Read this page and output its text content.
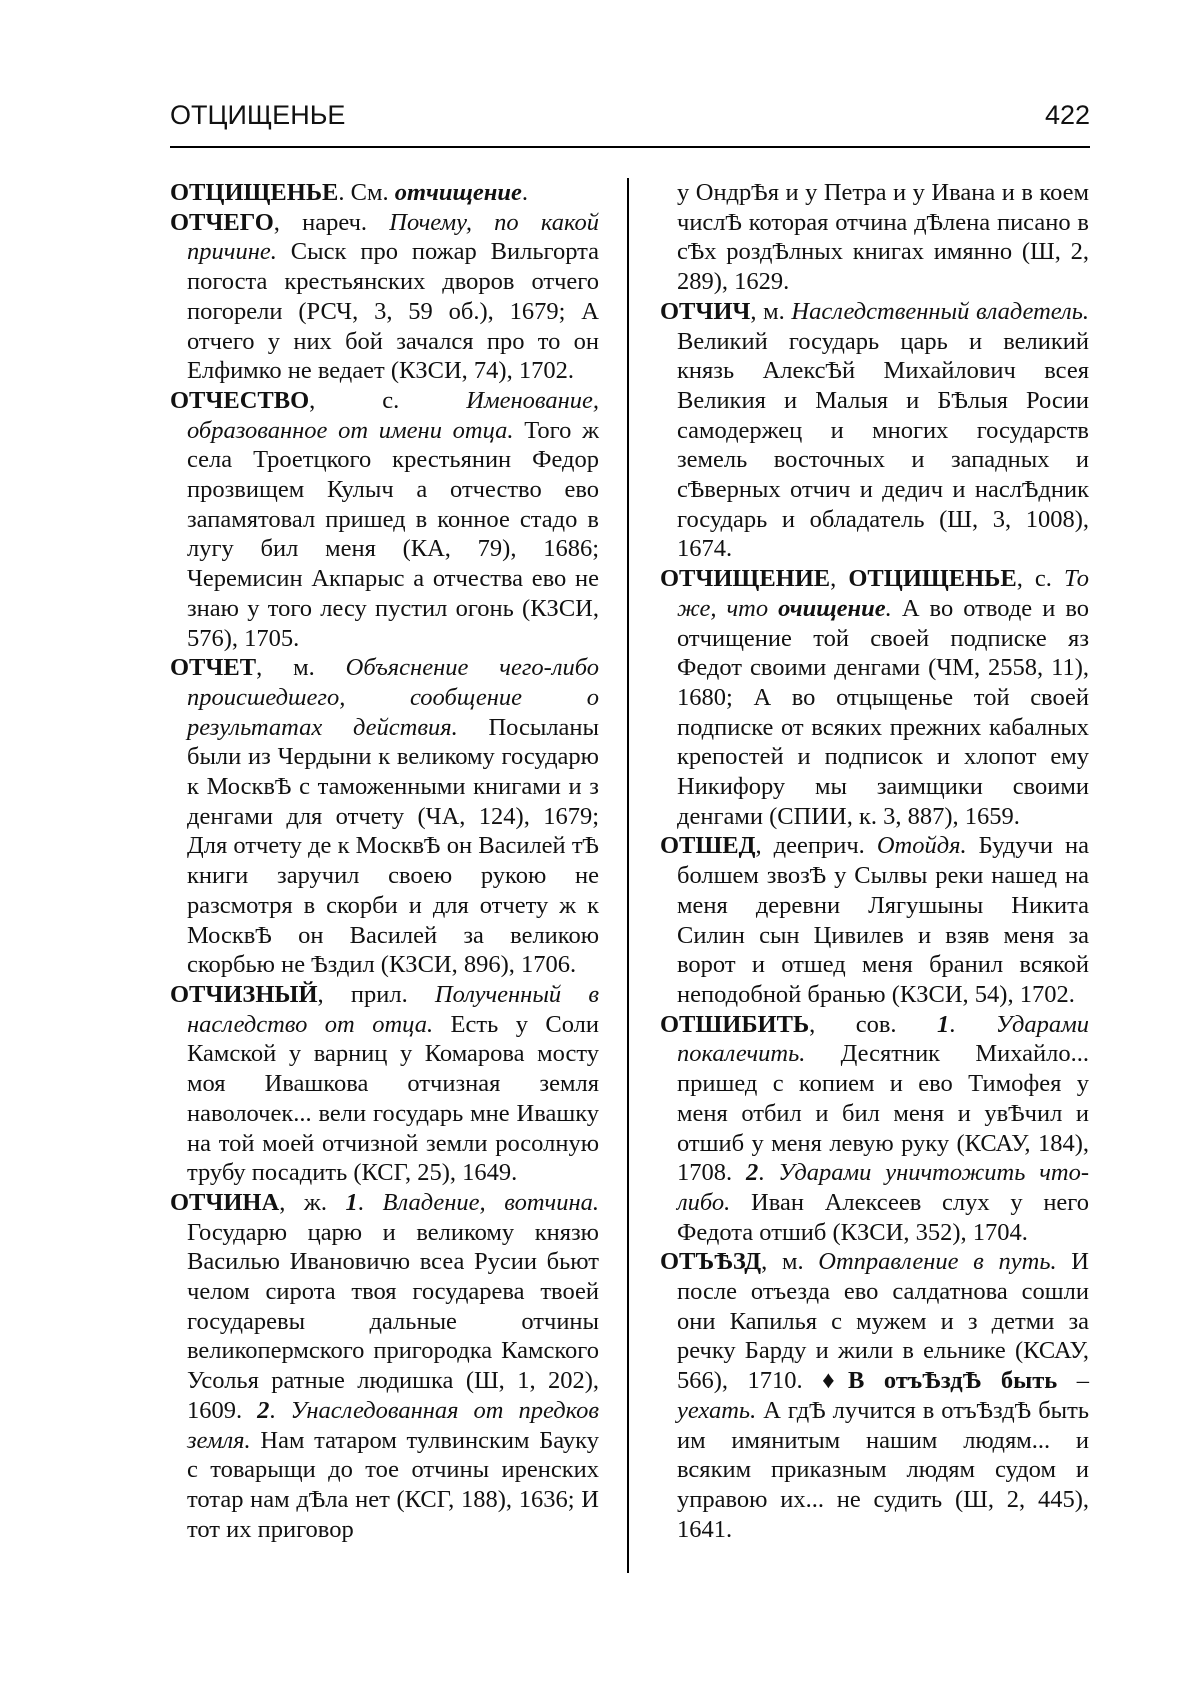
ОТЦИЩЕНЬЕ	422

ОТЦИЩЕНЬЕ. См. отчищение.

ОТЧЕГО, нареч. Почему, по какой причине. Сыск про пожар Вильгорта погоста крестьянских дворов отчего погорели (РСЧ, 3, 59 об.), 1679; А отчего у них бой зачался про то он Елфимко не ведает (КЗСИ, 74), 1702.

ОТЧЕСТВО, с. Именование, образованное от имени отца. Того ж села Троетцкого крестьянин Федор прозвищем Кулыч а отчество ево запамятовал пришед в конное стадо в лугу бил меня (КА, 79), 1686; Черемисин Акпарыс а отчества ево не знаю у того лесу пустил огонь (КЗСИ, 576), 1705.

ОТЧЕТ, м. Объяснение чего-либо происшедшего, сообщение о результатах действия. Посыланы были из Чердыни к великому государю к МосквѢ с таможенными книгами и з денгами для отчету (ЧА, 124), 1679; Для отчету де к МосквѢ он Василей тѢ книги заручил своею рукою не разсмотря в скорби и для отчету ж к МосквѢ он Василей за великою скорбью не Ѣздил (КЗСИ, 896), 1706.

ОТЧИЗНЫЙ, прил. Полученный в наследство от отца. Есть у Соли Камской у варниц у Комарова мосту моя Ивашкова отчизная земля наволочек... вели государь мне Ивашку на той моей отчизной земли росолную трубу посадить (КСГ, 25), 1649.

ОТЧИНА, ж. 1. Владение, вотчина. Государю царю и великому князю Василью Ивановичю всеа Русии бьют челом сирота твоя государева твоей государевы дальные отчины великопермского пригородка Камского Усолья ратные людишка (Ш, 1, 202), 1609. 2. Унаследованная от предков земля. Нам татаром тулвинским Бауку с товарыщи до тое отчины иренских тотар нам дѢла нет (КСГ, 188), 1636; И тот их приговор

у ОндрѢя и у Петра и у Ивана и в коем числѢ которая отчина дѢлена писано в сѢх роздѢлных книгах имянно (Ш, 2, 289), 1629.

ОТЧИЧ, м. Наследственный владетель. Великий государь царь и великий князь АлексѢй Михайлович всея Великия и Малыя и БѢлыя Росии самодержец и многих государств земель восточных и западных и сѢверных отчич и дедич и наслѢдник государь и обладатель (Ш, 3, 1008), 1674.

ОТЧИЩЕНИЕ, ОТЦИЩЕНЬЕ, с. То же, что очищение. А во отводе и во отчищение той своей подписке яз Федот своими денгами (ЧМ, 2558, 11), 1680; А во отцыщенье той своей подписке от всяких прежних кабалных крепостей и подписок и хлопот ему Никифору мы заимщики своими денгами (СПИИ, к. 3, 887), 1659.

ОТШЕД, дееприч. Отойдя. Будучи на болшем звозѢ у Сылвы реки нашед на меня деревни Лягушыны Никита Силин сын Цивилев и взяв меня за ворот и отшед меня бранил всякой неподобной бранью (КЗСИ, 54), 1702.

ОТШИБИТЬ, сов. 1. Ударами покалечить. Десятник Михайло... пришед с копием и ево Тимофея у меня отбил и бил меня и увѢчил и отшиб у меня левую руку (КСАУ, 184), 1708. 2. Ударами уничтожить что-либо. Иван Алексеев слух у него Федота отшиб (КЗСИ, 352), 1704.

ОТЪѢЗД, м. Отправление в путь. И после отъезда ево салдатнова сошли они Капилья с мужем и з детми за речку Барду и жили в ельнике (КСАУ, 566), 1710. ♦В отъѢздѢ быть – уехать. А гдѢ лучится в отъѢздѢ быть им имянитым нашим людям... и всяким приказным людям судом и управою их... не судить (Ш, 2, 445), 1641.
